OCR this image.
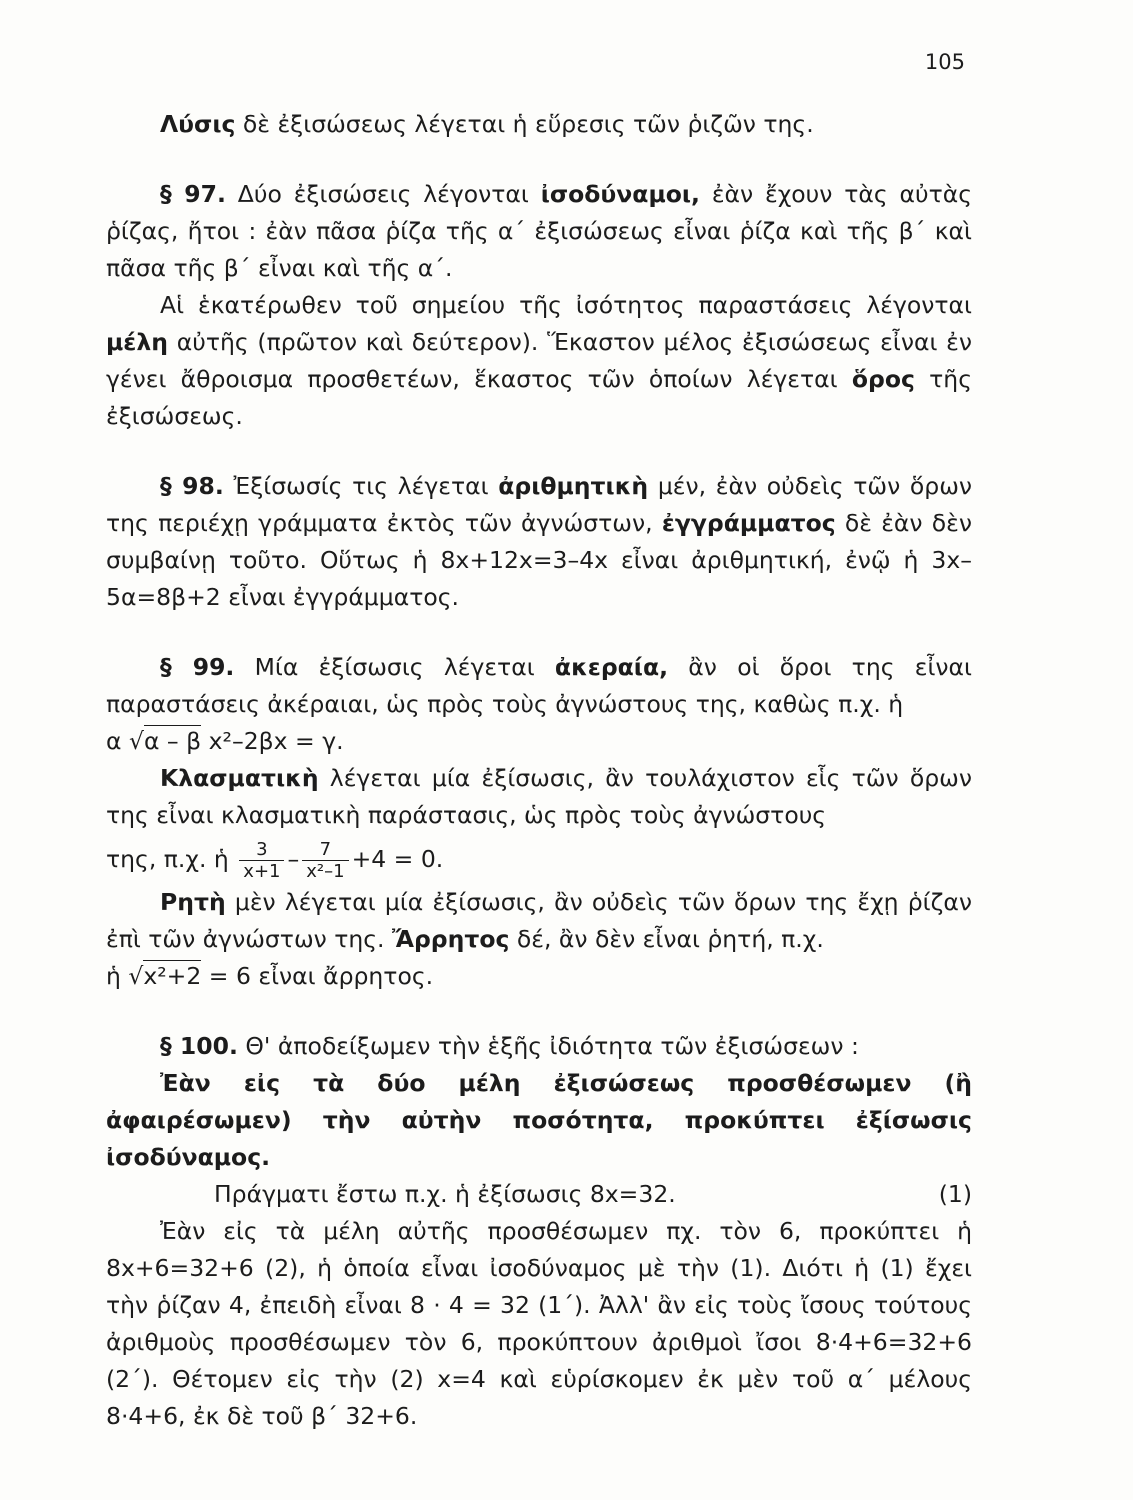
105

Λύσις δὲ ἐξισώσεως λέγεται ἡ εὕρεσις τῶν ῥιζῶν της.

§ 97. Δύο ἐξισώσεις λέγονται ἰσοδύναμοι, ἐὰν ἔχουν τὰς αὐτὰς ῥίζας, ἤτοι : ἐὰν πᾶσα ῥίζα τῆς α΄ ἐξισώσεως εἶναι ῥίζα καὶ τῆς β΄ καὶ πᾶσα τῆς β΄ εἶναι καὶ τῆς α΄.

Αἱ ἑκατέρωθεν τοῦ σημείου τῆς ἰσότητος παραστάσεις λέγονται μέλη αὐτῆς (πρῶτον καὶ δεύτερον). Ἕκαστον μέλος ἐξισώσεως εἶναι ἐν γένει ἄθροισμα προσθετέων, ἕκαστος τῶν ὁποίων λέγεται ὅρος τῆς ἐξισώσεως.

§ 98. Ἐξίσωσίς τις λέγεται ἀριθμητικὴ μέν, ἐὰν οὐδεὶς τῶν ὅρων της περιέχῃ γράμματα ἐκτὸς τῶν ἀγνώστων, ἐγγράμματος δὲ ἐὰν δὲν συμβαίνῃ τοῦτο. Οὕτως ἡ 8x+12x=3–4x εἶναι ἀριθμητική, ἐνῷ ἡ 3x–5α=8β+2 εἶναι ἐγγράμματος.

§ 99. Μία ἐξίσωσις λέγεται ἀκεραία, ἂν οἱ ὅροι της εἶναι παραστάσεις ἀκέραιαι, ὡς πρὸς τοὺς ἀγνώστους της, καθὼς π.χ. ἡ

α √α – β x²–2βx = γ.

Κλασματικὴ λέγεται μία ἐξίσωσις, ἂν τουλάχιστον εἷς τῶν ὅρων της εἶναι κλασματικὴ παράστασις, ὡς πρὸς τοὺς ἀγνώστους

της, π.χ. ἡ $\frac{3}{x+1} - \frac{7}{\text{x²–1}} +4 = 0$.

Ρητὴ μὲν λέγεται μία ἐξίσωσις, ἂν οὐδεὶς τῶν ὅρων της ἔχῃ ῥίζαν ἐπὶ τῶν ἀγνώστων της. Ἄρρητος δέ, ἂν δὲν εἶναι ῥητή, π.χ.

ἡ √x²+2 = 6 εἶναι ἄρρητος.

§ 100. Θ' ἀποδείξωμεν τὴν ἑξῆς ἰδιότητα τῶν ἐξισώσεων :

Ἐὰν εἰς τὰ δύο μέλη ἐξισώσεως προσθέσωμεν (ἢ ἀφαιρέσωμεν) τὴν αὐτὴν ποσότητα, προκύπτει ἐξίσωσις ἰσοδύναμος.

Πράγματι ἔστω π.χ. ἡ ἐξίσωσις 8x=32.	(1)

Ἐὰν εἰς τὰ μέλη αὐτῆς προσθέσωμεν πχ. τὸν 6, προκύπτει ἡ 8x+6=32+6 (2), ἡ ὁποία εἶναι ἰσοδύναμος μὲ τὴν (1). Διότι ἡ (1) ἔχει τὴν ῥίζαν 4, ἐπειδὴ εἶναι 8 · 4 = 32 (1΄). Ἀλλ' ἂν εἰς τοὺς ἴσους τούτους ἀριθμοὺς προσθέσωμεν τὸν 6, προκύπτουν ἀριθμοὶ ἴσοι 8·4+6=32+6 (2΄). Θέτομεν εἰς τὴν (2) x=4 καὶ εὑρίσκομεν ἐκ μὲν τοῦ α΄ μέλους 8·4+6, ἐκ δὲ τοῦ β΄ 32+6.
